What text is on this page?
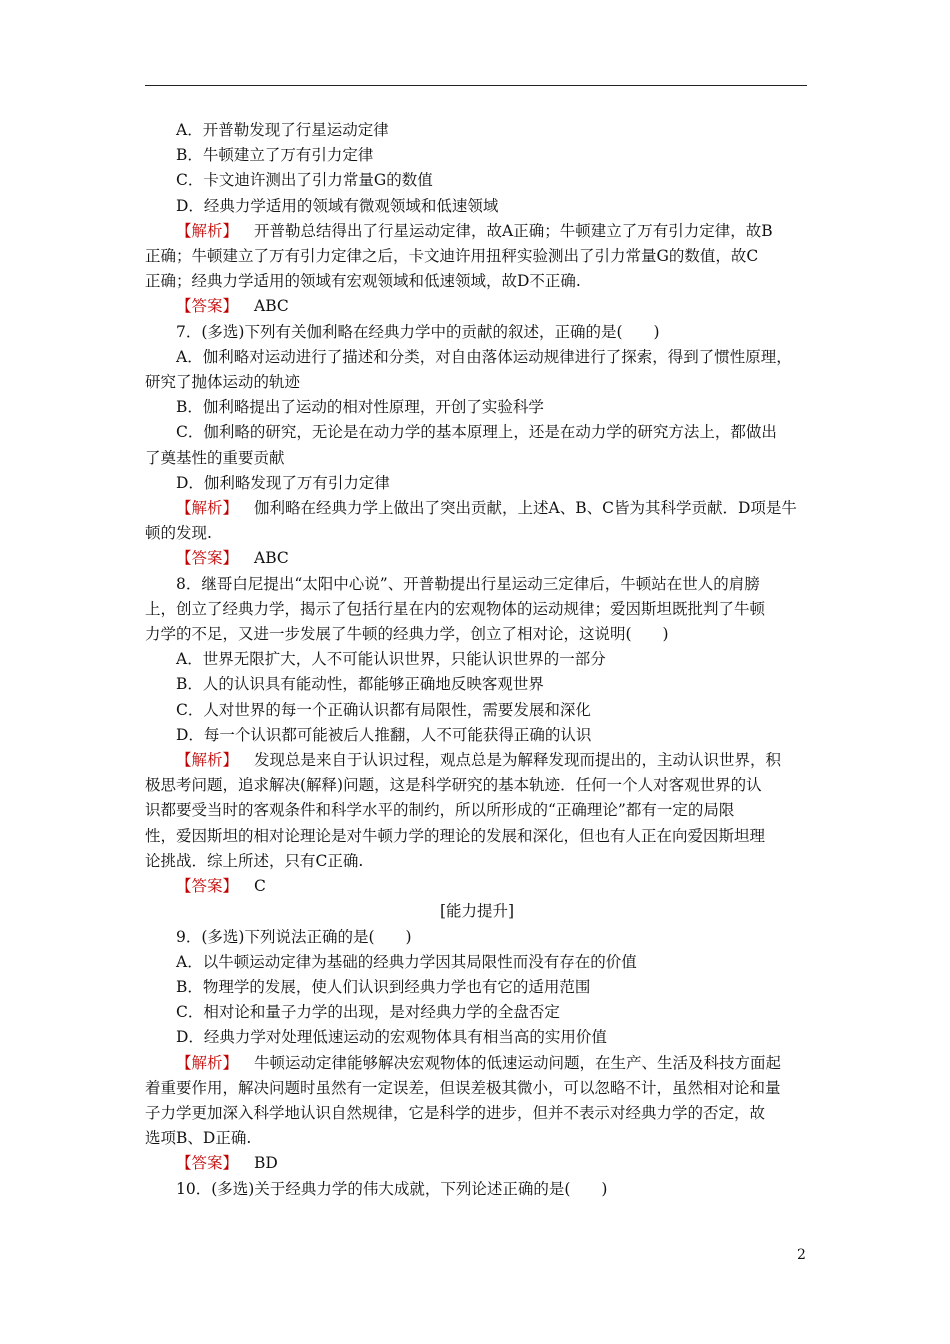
A．开普勒发现了行星运动定律
B．牛顿建立了万有引力定律
C．卡文迪许测出了引力常量G的数值
D．经典力学适用的领域有微观领域和低速领域
【解析】 开普勒总结得出了行星运动定律，故A正确；牛顿建立了万有引力定律，故B
正确；牛顿建立了万有引力定律之后，卡文迪许用扭秤实验测出了引力常量G的数值，故C
正确；经典力学适用的领域有宏观领域和低速领域，故D不正确.
【答案】 ABC
7．(多选)下列有关伽利略在经典力学中的贡献的叙述，正确的是(　　)
A．伽利略对运动进行了描述和分类，对自由落体运动规律进行了探索，得到了惯性原理，
研究了抛体运动的轨迹
B．伽利略提出了运动的相对性原理，开创了实验科学
C．伽利略的研究，无论是在动力学的基本原理上，还是在动力学的研究方法上，都做出
了奠基性的重要贡献
D．伽利略发现了万有引力定律
【解析】 伽利略在经典力学上做出了突出贡献，上述A、B、C皆为其科学贡献．D项是牛
顿的发现.
【答案】 ABC
8．继哥白尼提出“太阳中心说”、开普勒提出行星运动三定律后，牛顿站在世人的肩膀
上，创立了经典力学，揭示了包括行星在内的宏观物体的运动规律；爱因斯坦既批判了牛顿
力学的不足，又进一步发展了牛顿的经典力学，创立了相对论，这说明(　　)
A．世界无限扩大，人不可能认识世界，只能认识世界的一部分
B．人的认识具有能动性，都能够正确地反映客观世界
C．人对世界的每一个正确认识都有局限性，需要发展和深化
D．每一个认识都可能被后人推翻，人不可能获得正确的认识
【解析】 发现总是来自于认识过程，观点总是为解释发现而提出的，主动认识世界，积
极思考问题，追求解决(解释)问题，这是科学研究的基本轨迹．任何一个人对客观世界的认
识都要受当时的客观条件和科学水平的制约，所以所形成的“正确理论”都有一定的局限
性，爱因斯坦的相对论理论是对牛顿力学的理论的发展和深化，但也有人正在向爱因斯坦理
论挑战．综上所述，只有C正确.
【答案】 C
[能力提升]
9．(多选)下列说法正确的是(　　)
A．以牛顿运动定律为基础的经典力学因其局限性而没有存在的价值
B．物理学的发展，使人们认识到经典力学也有它的适用范围
C．相对论和量子力学的出现，是对经典力学的全盘否定
D．经典力学对处理低速运动的宏观物体具有相当高的实用价值
【解析】 牛顿运动定律能够解决宏观物体的低速运动问题，在生产、生活及科技方面起
着重要作用，解决问题时虽然有一定误差，但误差极其微小，可以忽略不计，虽然相对论和量
子力学更加深入科学地认识自然规律，它是科学的进步，但并不表示对经典力学的否定，故
选项B、D正确.
【答案】 BD
10．(多选)关于经典力学的伟大成就，下列论述正确的是(　　)
2
